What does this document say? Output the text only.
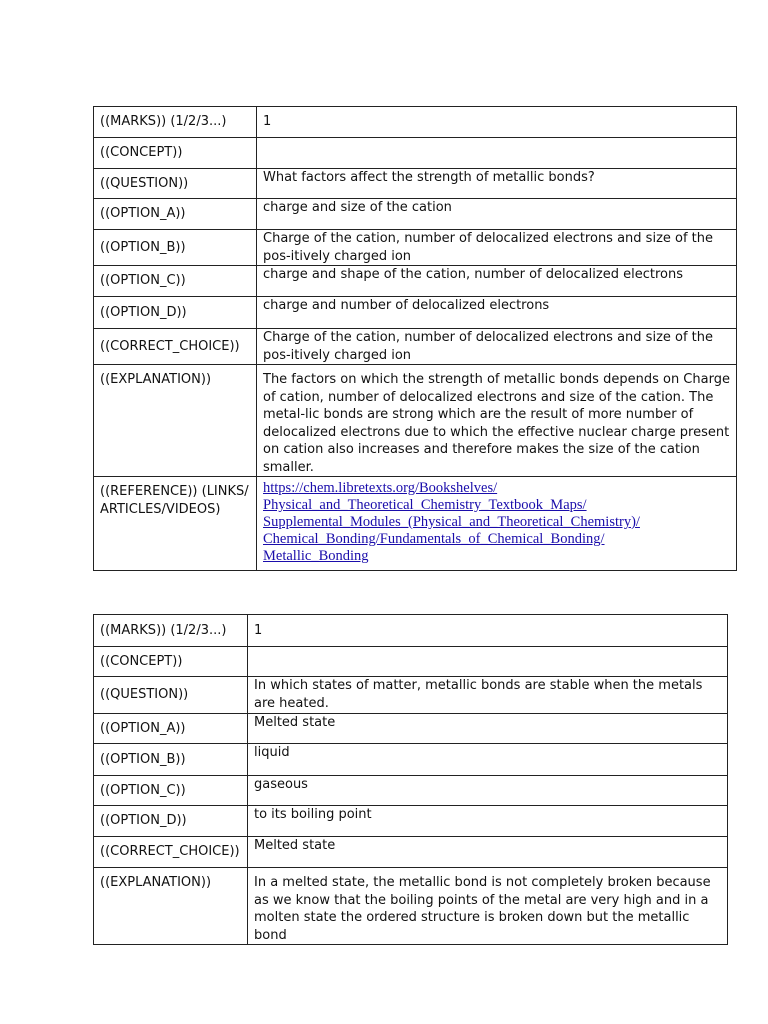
((MARKS)) (1/2/3...)	1
((CONCEPT))	
((QUESTION))	What factors affect the strength of metallic bonds?
((OPTION_A))	charge and size of the cation
((OPTION_B))	Charge of the cation, number of delocalized electrons and size of the pos-itively charged ion
((OPTION_C))	charge and shape of the cation, number of delocalized electrons
((OPTION_D))	charge and number of delocalized electrons
((CORRECT_CHOICE))	Charge of the cation, number of delocalized electrons and size of the pos-itively charged ion
((EXPLANATION))	The factors on which the strength of metallic bonds depends on Charge of cation, number of delocalized electrons and size of the cation. The metal-lic bonds are strong which are the result of more number of delocalized electrons due to which the effective nuclear charge present on cation also increases and therefore makes the size of the cation smaller.
((REFERENCE)) (LINKS/ ARTICLES/VIDEOS)	https://chem.libretexts.org/Bookshelves/
Physical_and_Theoretical_Chemistry_Textbook_Maps/
Supplemental_Modules_(Physical_and_Theoretical_Chemistry)/
Chemical_Bonding/Fundamentals_of_Chemical_Bonding/
Metallic_Bonding
((MARKS)) (1/2/3...)	1
((CONCEPT))	
((QUESTION))	In which states of matter, metallic bonds are stable when the metals are heated.
((OPTION_A))	Melted state
((OPTION_B))	liquid
((OPTION_C))	gaseous
((OPTION_D))	to its boiling point
((CORRECT_CHOICE))	Melted state
((EXPLANATION))	In a melted state, the metallic bond is not completely broken because as we know that the boiling points of the metal are very high and in a molten state the ordered structure is broken down but the metallic bond
